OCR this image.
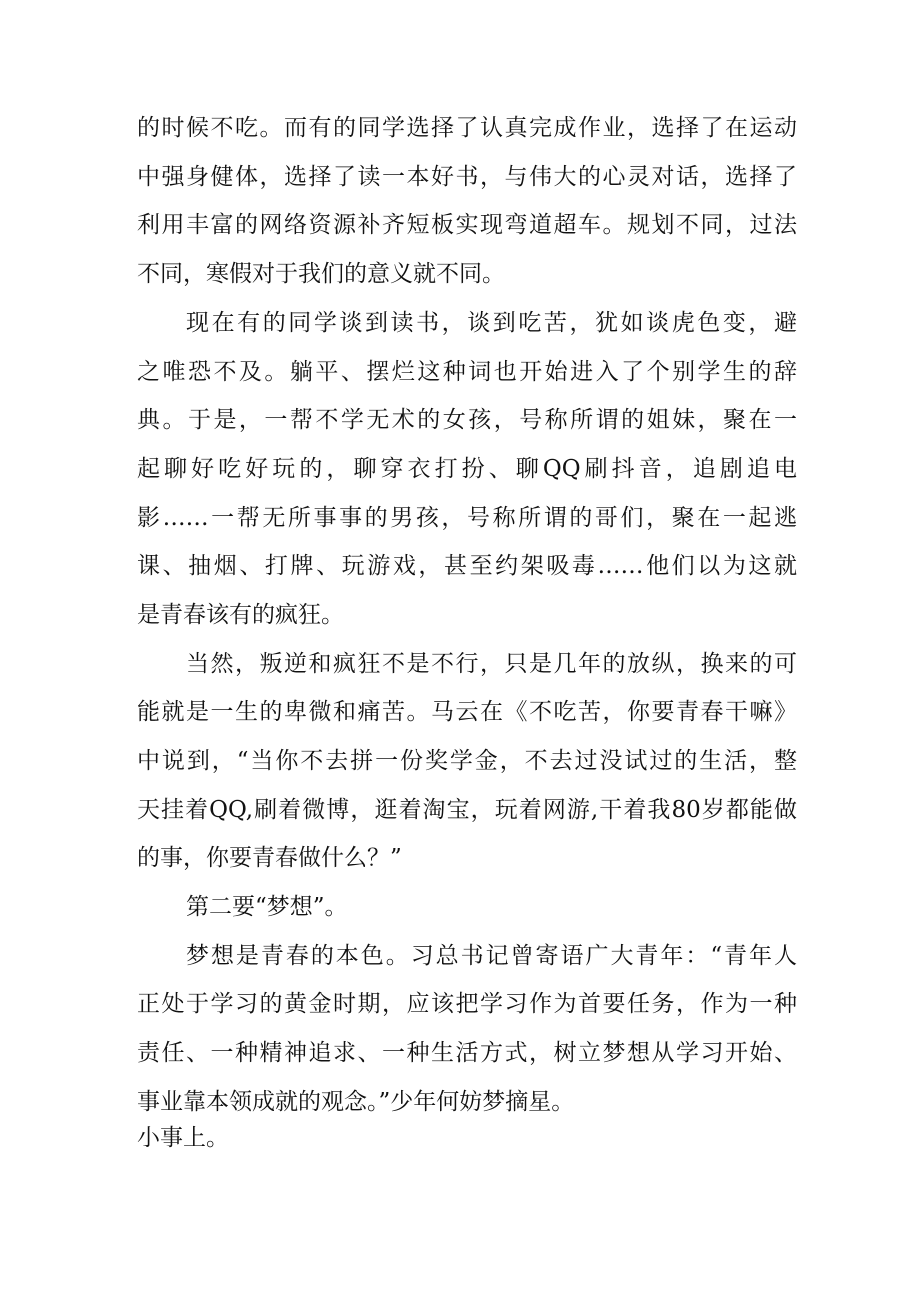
的时候不吃。而有的同学选择了认真完成作业，选择了在运动
中强身健体，选择了读一本好书，与伟大的心灵对话，选择了
利用丰富的网络资源补齐短板实现弯道超车。规划不同，过法
不同，寒假对于我们的意义就不同。
现在有的同学谈到读书，谈到吃苦，犹如谈虎色变，避
之唯恐不及。躺平、摆烂这种词也开始进入了个别学生的辞
典。于是，一帮不学无术的女孩，号称所谓的姐妹，聚在一
起聊好吃好玩的，聊穿衣打扮、聊QQ刷抖音，追剧追电
影……一帮无所事事的男孩，号称所谓的哥们，聚在一起逃
课、抽烟、打牌、玩游戏，甚至约架吸毒……他们以为这就
是青春该有的疯狂。
当然，叛逆和疯狂不是不行，只是几年的放纵，换来的可
能就是一生的卑微和痛苦。马云在《不吃苦，你要青春干嘛》
中说到，“当你不去拼一份奖学金，不去过没试过的生活，整
天挂着QQ,刷着微博，逛着淘宝，玩着网游,干着我80岁都能做
的事，你要青春做什么？”
第二要“梦想”。
梦想是青春的本色。习总书记曾寄语广大青年：“青年人
正处于学习的黄金时期，应该把学习作为首要任务，作为一种
责任、一种精神追求、一种生活方式，树立梦想从学习开始、
事业靠本领成就的观念。”少年何妨梦摘星。
小事上。
